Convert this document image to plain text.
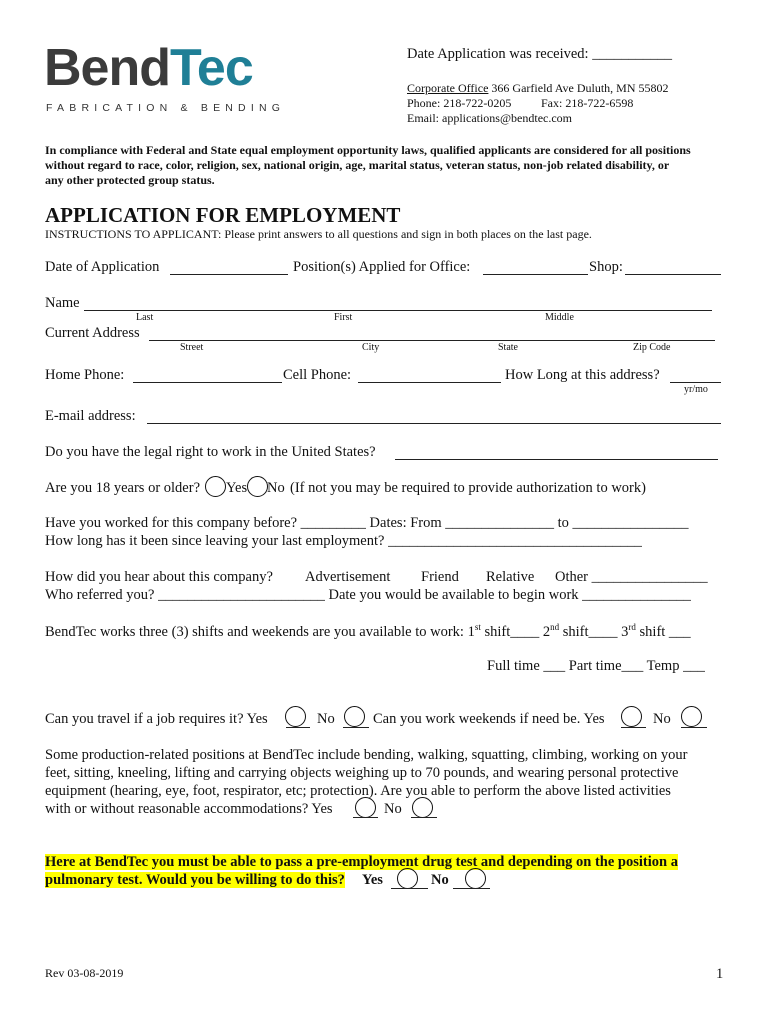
BendTec
FABRICATION & BENDING
Date Application was received: ___________
Corporate Office 366 Garfield Ave Duluth, MN 55802
Phone: 218-722-0205 Fax: 218-722-6598
Email: applications@bendtec.com
In compliance with Federal and State equal employment opportunity laws, qualified applicants are considered for all positions
without regard to race, color, religion, sex, national origin, age, marital status, veteran status, non-job related disability, or
any other protected group status.
APPLICATION FOR EMPLOYMENT
INSTRUCTIONS TO APPLICANT: Please print answers to all questions and sign in both places on the last page.
Date of Application	Position(s) Applied for Office:	Shop:
Name
Last	First	Middle
Current Address
Street	City	State	Zip Code
Home Phone:	Cell Phone:	How Long at this address?
yr/mo
E-mail address:
Do you have the legal right to work in the United States?
Are you 18 years or older? Yes No (If not you may be required to provide authorization to work)
Have you worked for this company before? _________ Dates: From _______________ to ________________
How long has it been since leaving your last employment? ___________________________________
How did you hear about this company? Advertisement Friend Relative Other ________________
Who referred you? _______________________ Date you would be available to begin work _______________
BendTec works three (3) shifts and weekends are you available to work: 1st shift____ 2nd shift____ 3rd shift ___
Full time ___ Part time___ Temp ___
Can you travel if a job requires it? Yes	No	Can you work weekends if need be. Yes	No
Some production-related positions at BendTec include bending, walking, squatting, climbing, working on your
feet, sitting, kneeling, lifting and carrying objects weighing up to 70 pounds, and wearing personal protective
equipment (hearing, eye, foot, respirator, etc; protection). Are you able to perform the above listed activities
with or without reasonable accommodations? Yes	No
Here at BendTec you must be able to pass a pre-employment drug test and depending on the position a
pulmonary test. Would you be willing to do this? Yes	No
Rev 03-08-2019	1
